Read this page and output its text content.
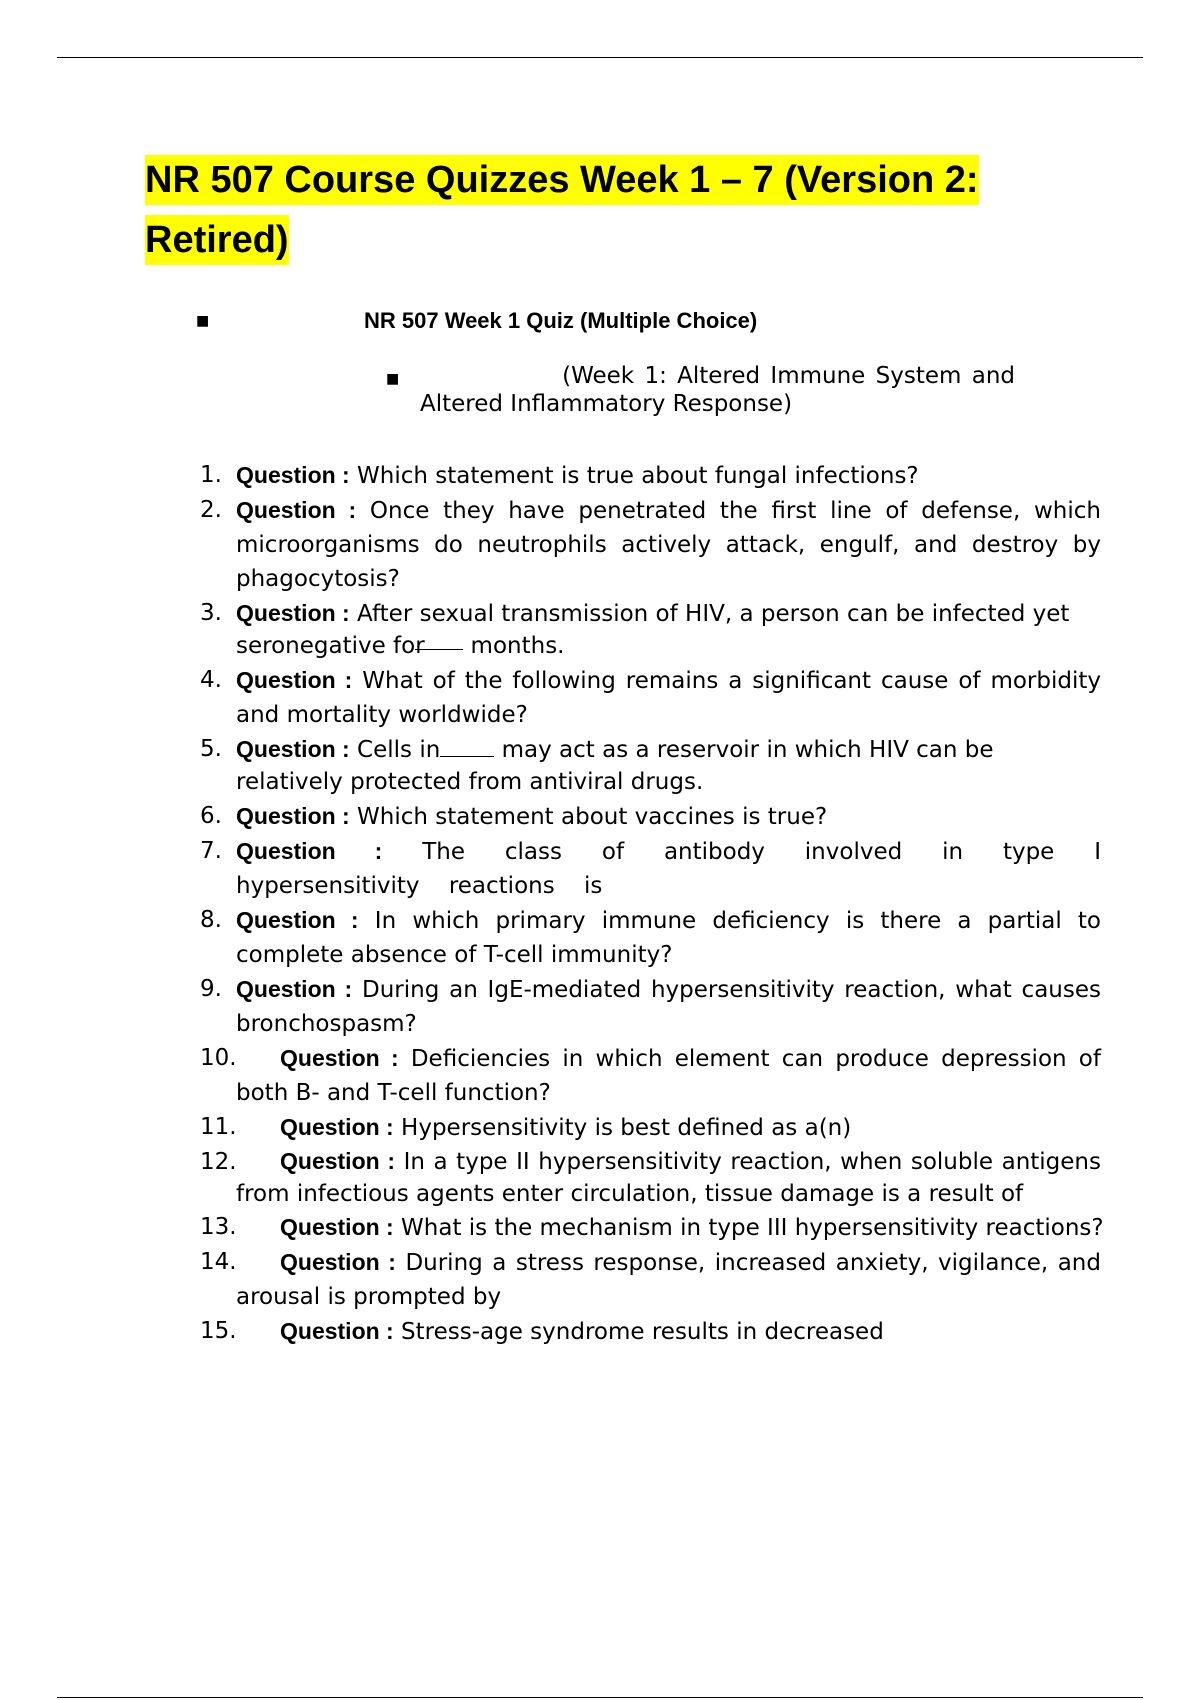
NR 507 Course Quizzes Week 1 – 7 (Version 2:
Retired)
■	NR 507 Week 1 Quiz (Multiple Choice)
■	(Week 1: Altered Immune System and
Altered Inflammatory Response)

1. Question : Which statement is true about fungal infections?
2. Question : Once they have penetrated the first line of defense, which microorganisms do neutrophils actively attack, engulf, and destroy by phagocytosis?
3. Question : After sexual transmission of HIV, a person can be infected yet
seronegative for months.
4. Question : What of the following remains a significant cause of morbidity and mortality worldwide?
5. Question : Cells in may act as a reservoir in which HIV can be
relatively protected from antiviral drugs.
6. Question : Which statement about vaccines is true?
7. Question : The class of antibody involved in type I hypersensitivity reactions is
8. Question : In which primary immune deficiency is there a partial to complete absence of T-cell immunity?
9. Question : During an IgE-mediated hypersensitivity reaction, what causes bronchospasm?
10.	Question : Deficiencies in which element can produce depression of both B- and T-cell function?
11.	Question : Hypersensitivity is best defined as a(n)
12.	Question : In a type II hypersensitivity reaction, when soluble antigens from infectious agents enter circulation, tissue damage is a result of
13.	Question : What is the mechanism in type III hypersensitivity reactions?
14.	Question : During a stress response, increased anxiety, vigilance, and arousal is prompted by
15.	Question : Stress-age syndrome results in decreased
